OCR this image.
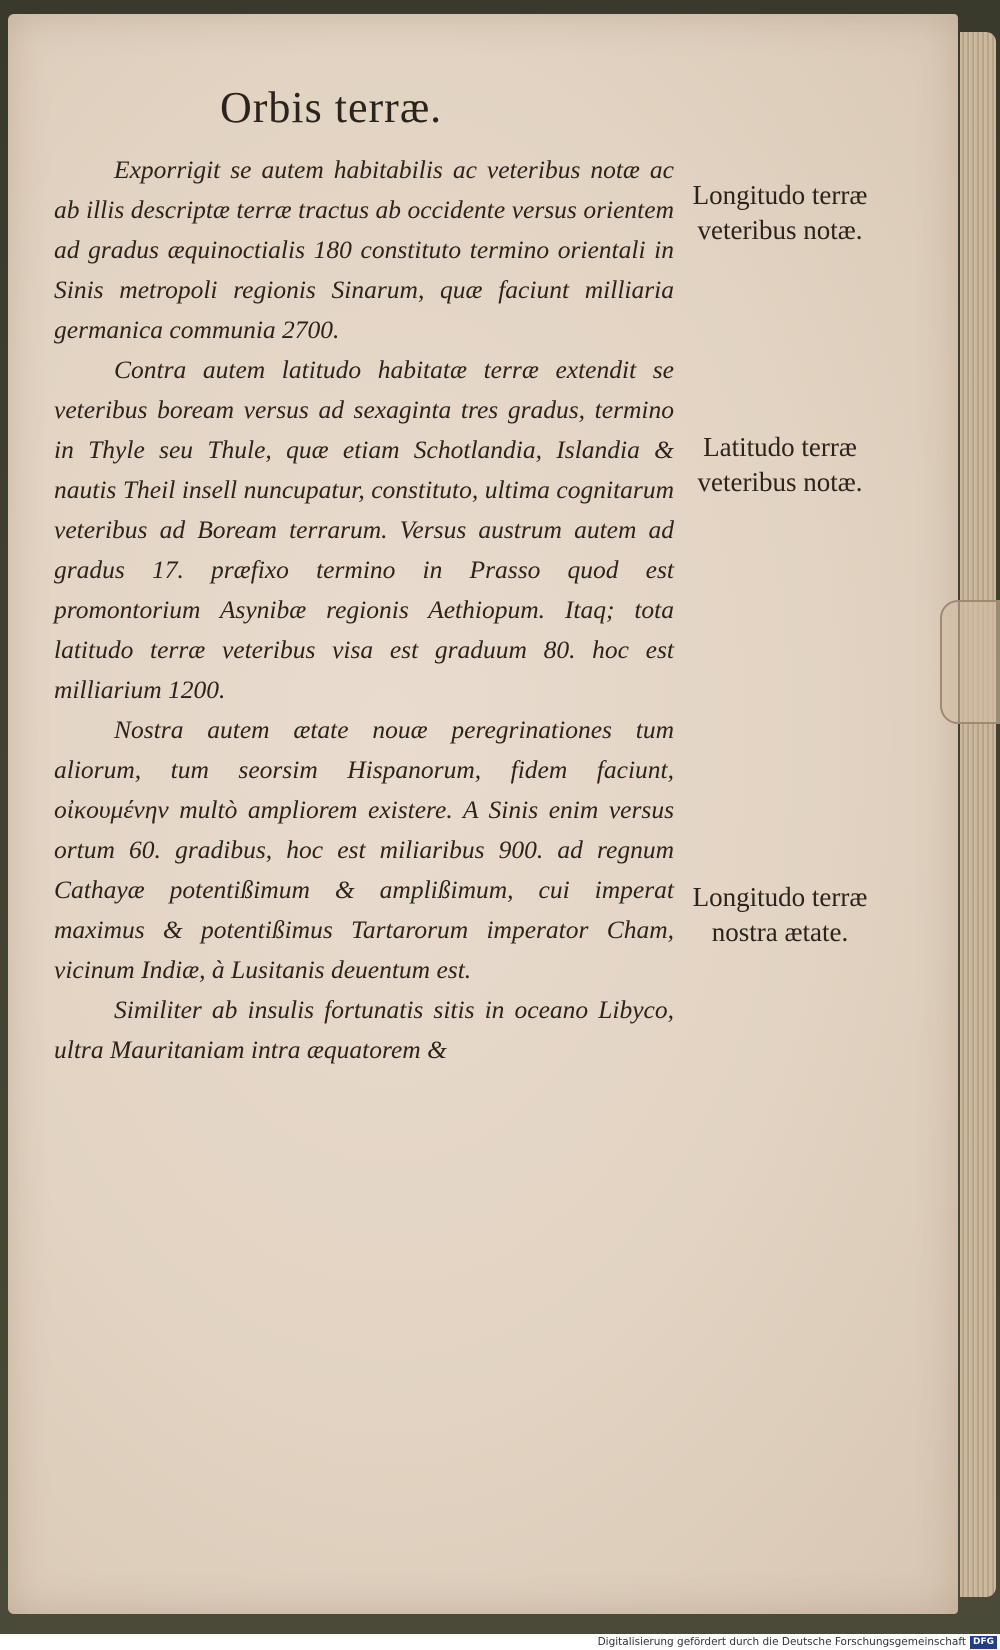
Orbis terræ.

Exporrigit se autem habitabilis ac veteribus notæ ac ab illis descriptæ terræ tractus ab occidente versus orientem ad gradus æquinoctialis 180 constituto termino orientali in Sinis metropoli regionis Sinarum, quæ faciunt milliaria germanica communia 2700.

Contra autem latitudo habitatæ terræ extendit se veteribus boream versus ad sexaginta tres gradus, termino in Thyle seu Thule, quæ etiam Schotlandia, Islandia & nautis Theil insell nuncupatur, constituto, ultima cognitarum veteribus ad Boream terrarum. Versus austrum autem ad gradus 17. præfixo termino in Prasso quod est promontorium Asynibæ regionis Aethiopum. Itaq; tota latitudo terræ veteribus visa est graduum 80. hoc est milliarium 1200.

Nostra autem ætate nouæ peregrinationes tum aliorum, tum seorsim Hispanorum, fidem faciunt, οἰκουμένην multò ampliorem existere. A Sinis enim versus ortum 60. gradibus, hoc est miliaribus 900. ad regnum Cathayæ potentißimum & amplißimum, cui imperat maximus & potentißimus Tartarorum imperator Cham, vicinum Indiæ, à Lusitanis deuentum est.

Similiter ab insulis fortunatis sitis in oceano Libyco, ultra Mauritaniam intra æquatorem &

Longitudo terræ veteribus notæ.
Latitudo terræ veteribus notæ.
Longitudo terræ nostra ætate.
Digitalisierung gefördert durch die Deutsche Forschungsgemeinschaft DFG
